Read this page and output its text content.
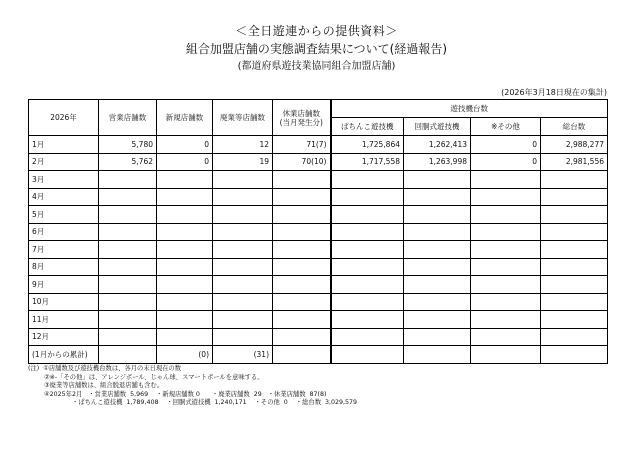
＜全日遊連からの提供資料＞
組合加盟店舗の実態調査結果について(経過報告)
(都道府県遊技業協同組合加盟店舗)
(2026年3月18日現在の集計)
2026年	営業店舗数	新規店舗数	廃業等店舗数	休業店舗数
(当月発生分)	遊技機台数			
					ぱちんこ遊技機	回胴式遊技機	※その他	総台数
1月	5,780	0	12	71(7)	1,725,864	1,262,413	0	2,988,277
2月	5,762	0	19	70(10)	1,717,558	1,263,998	0	2,981,556
3月								
4月								
5月								
6月								
7月								
8月								
9月								
10月								
11月								
12月								
(1月からの累計)		(0)	(31)					
(注)  ①店舗数及び遊技機台数は、各月の末日現在の数
②※-「その他」は、アレンジボール、じゃん球、スマートボールを意味する。
③廃業等店舗数は、組合脱退店舗も含む。
④2025年2月   ・営業店舗数  5,969    ・新規店舗数 0      ・廃業店舗数  29   ・休業店舗数  87(8)
・ぱちんこ遊技機  1,789,408    ・回胴式遊技機  1,240,171    ・その他  0    ・総台数  3,029,579
